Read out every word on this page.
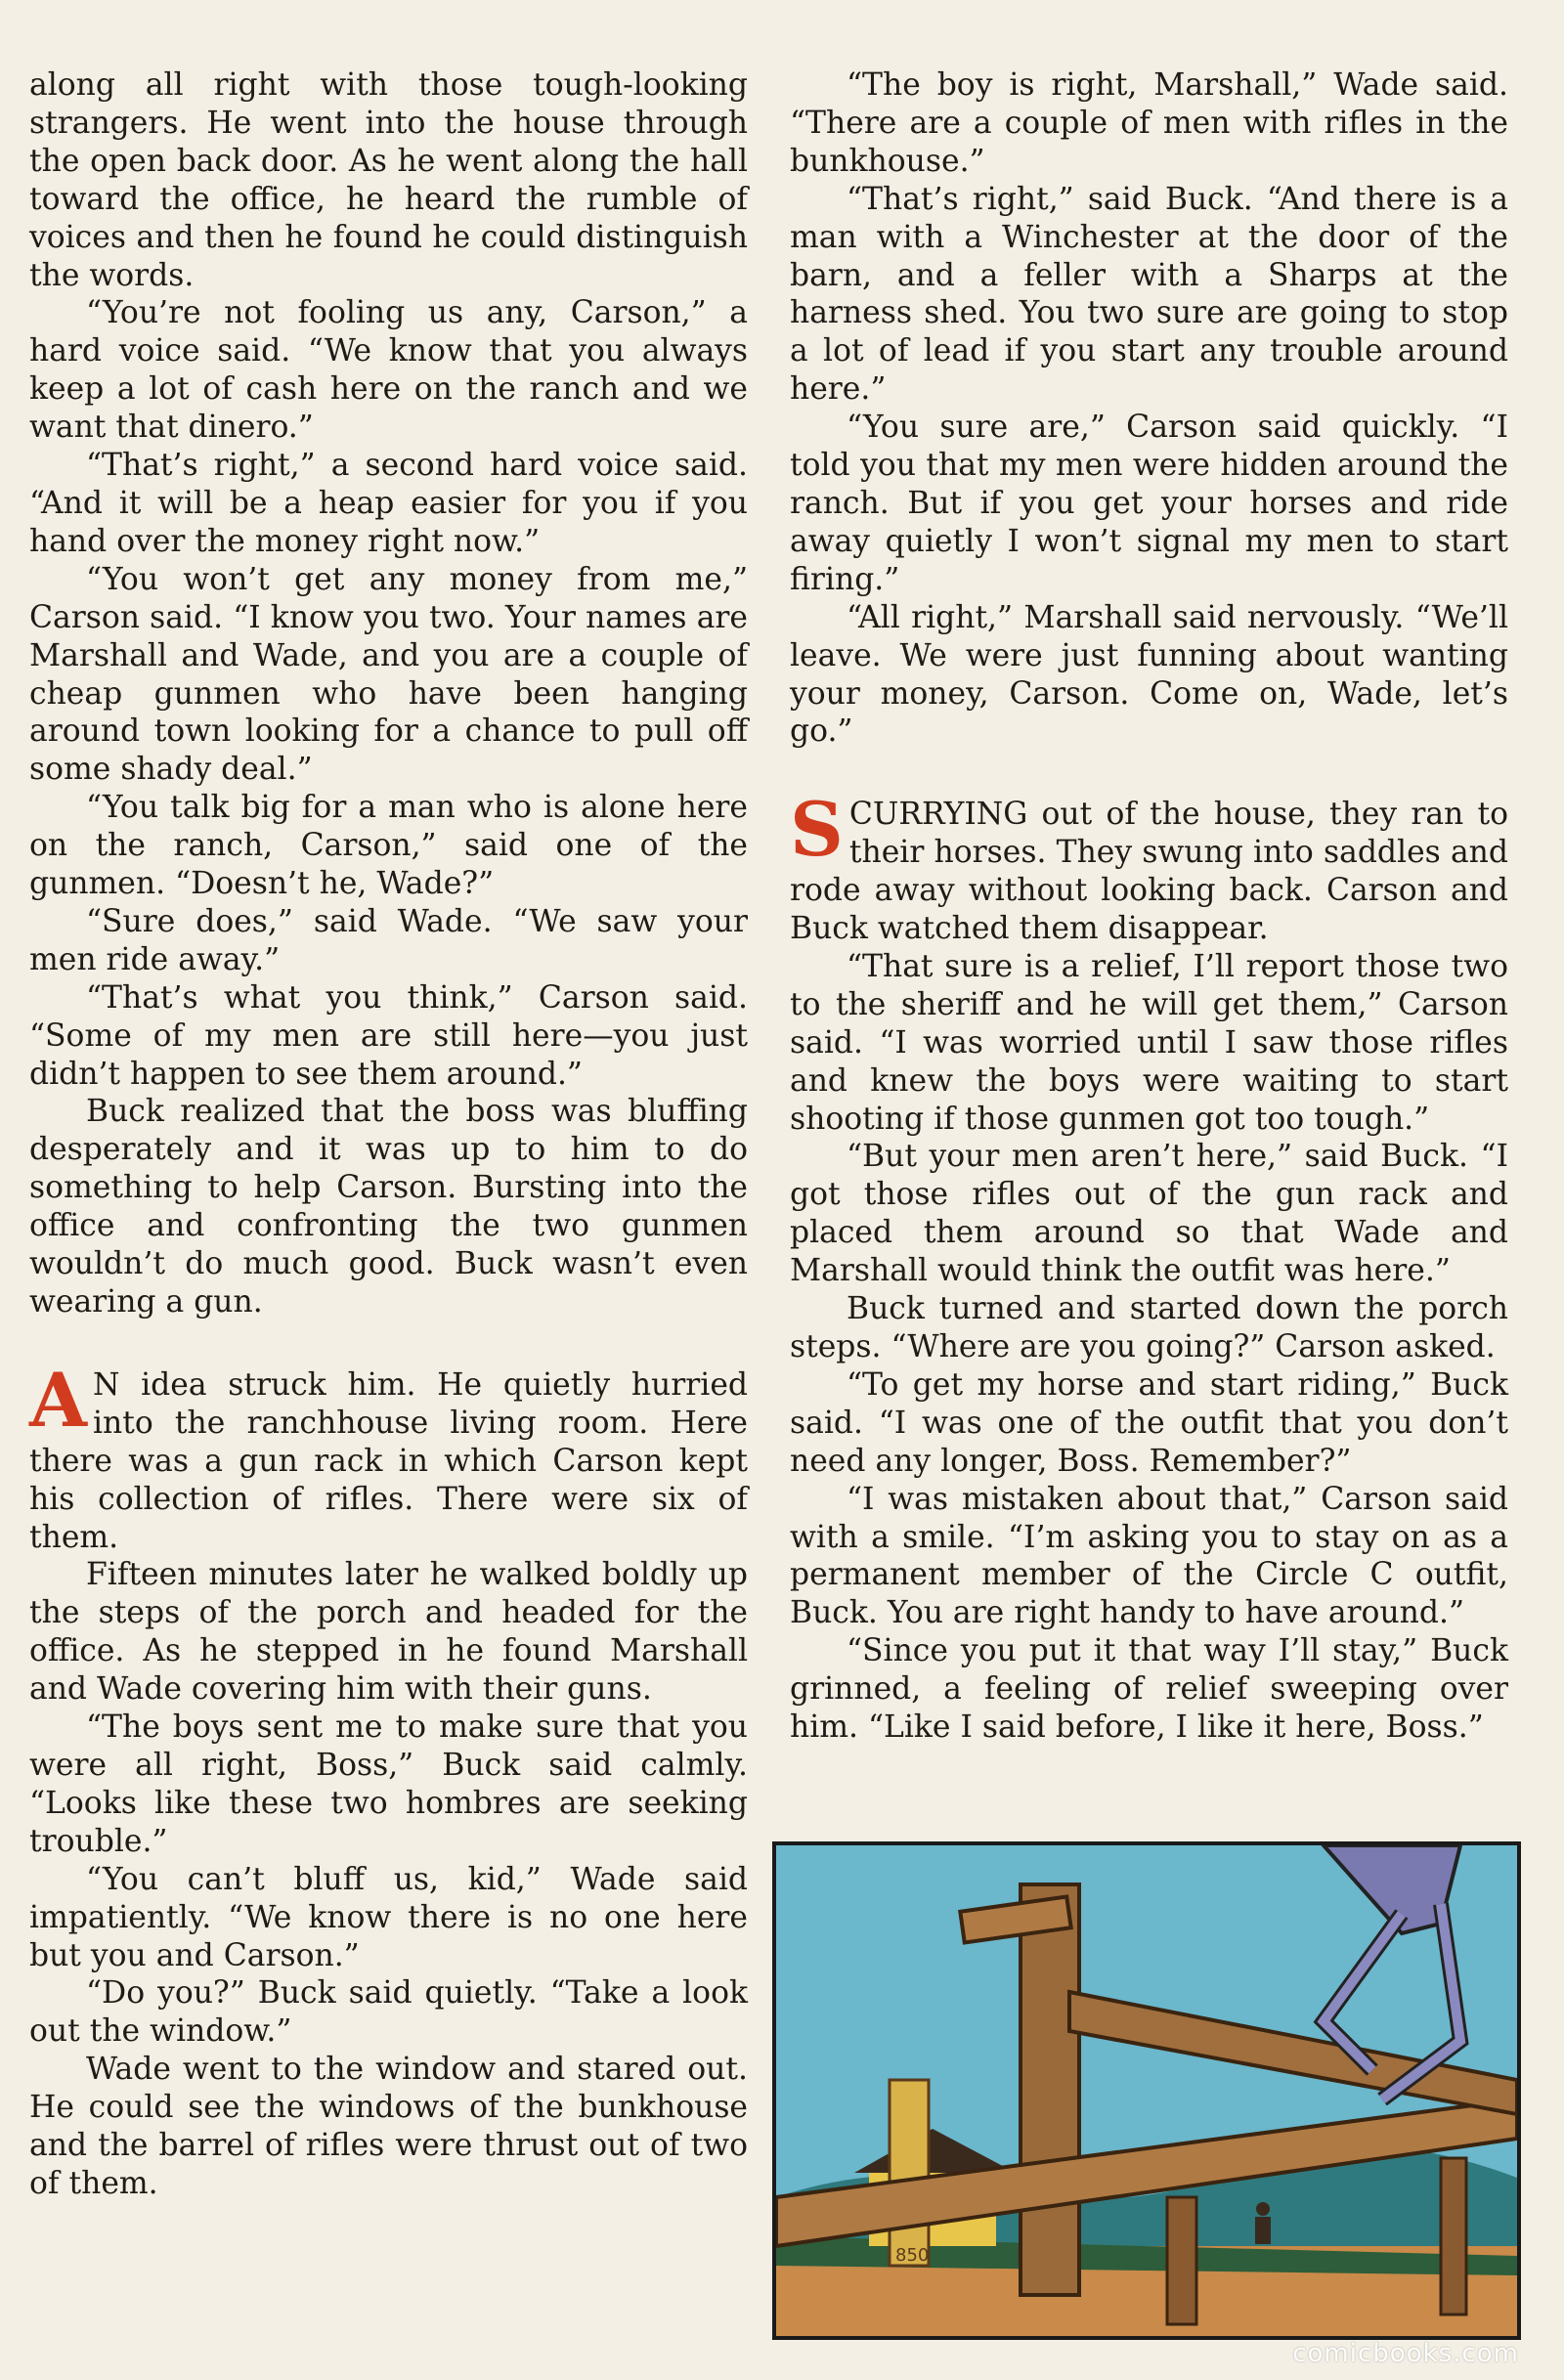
along all right with those tough-looking strangers. He went into the house through the open back door. As he went along the hall toward the office, he heard the rumble of voices and then he found he could distinguish the words.

“You’re not fooling us any, Carson,” a hard voice said. “We know that you always keep a lot of cash here on the ranch and we want that dinero.”

“That’s right,” a second hard voice said. “And it will be a heap easier for you if you hand over the money right now.”

“You won’t get any money from me,” Carson said. “I know you two. Your names are Marshall and Wade, and you are a couple of cheap gunmen who have been hanging around town looking for a chance to pull off some shady deal.”

“You talk big for a man who is alone here on the ranch, Carson,” said one of the gunmen. “Doesn’t he, Wade?”

“Sure does,” said Wade. “We saw your men ride away.”

“That’s what you think,” Carson said. “Some of my men are still here—you just didn’t happen to see them around.”

Buck realized that the boss was bluffing desperately and it was up to him to do something to help Carson. Bursting into the office and confronting the two gunmen wouldn’t do much good. Buck wasn’t even wearing a gun.

A N idea struck him. He quietly hurried into the ranchhouse living room. Here there was a gun rack in which Carson kept his collection of rifles. There were six of them.

Fifteen minutes later he walked boldly up the steps of the porch and headed for the office. As he stepped in he found Marshall and Wade covering him with their guns.

“The boys sent me to make sure that you were all right, Boss,” Buck said calmly. “Looks like these two hombres are seeking trouble.”

“You can’t bluff us, kid,” Wade said impatiently. “We know there is no one here but you and Carson.”

“Do you?” Buck said quietly. “Take a look out the window.”

Wade went to the window and stared out. He could see the windows of the bunkhouse and the barrel of rifles were thrust out of two of them.

“The boy is right, Marshall,” Wade said. “There are a couple of men with rifles in the bunkhouse.”

“That’s right,” said Buck. “And there is a man with a Winchester at the door of the barn, and a feller with a Sharps at the harness shed. You two sure are going to stop a lot of lead if you start any trouble around here.”

“You sure are,” Carson said quickly. “I told you that my men were hidden around the ranch. But if you get your horses and ride away quietly I won’t signal my men to start firing.”

“All right,” Marshall said nervously. “We’ll leave. We were just funning about wanting your money, Carson. Come on, Wade, let’s go.”

SCURRYING out of the house, they ran to their horses. They swung into saddles and rode away without looking back. Carson and Buck watched them disappear.

“That sure is a relief, I’ll report those two to the sheriff and he will get them,” Carson said. “I was worried until I saw those rifles and knew the boys were waiting to start shooting if those gunmen got too tough.”

“But your men aren’t here,” said Buck. “I got those rifles out of the gun rack and placed them around so that Wade and Marshall would think the outfit was here.”

Buck turned and started down the porch steps. “Where are you going?” Carson asked.

“To get my horse and start riding,” Buck said. “I was one of the outfit that you don’t need any longer, Boss. Remember?”

“I was mistaken about that,” Carson said with a smile. “I’m asking you to stay on as a permanent member of the Circle C outfit, Buck. You are right handy to have around.”

“Since you put it that way I’ll stay,” Buck grinned, a feeling of relief sweeping over him. “Like I said before, I like it here, Boss.”

850
comicbooks.com
